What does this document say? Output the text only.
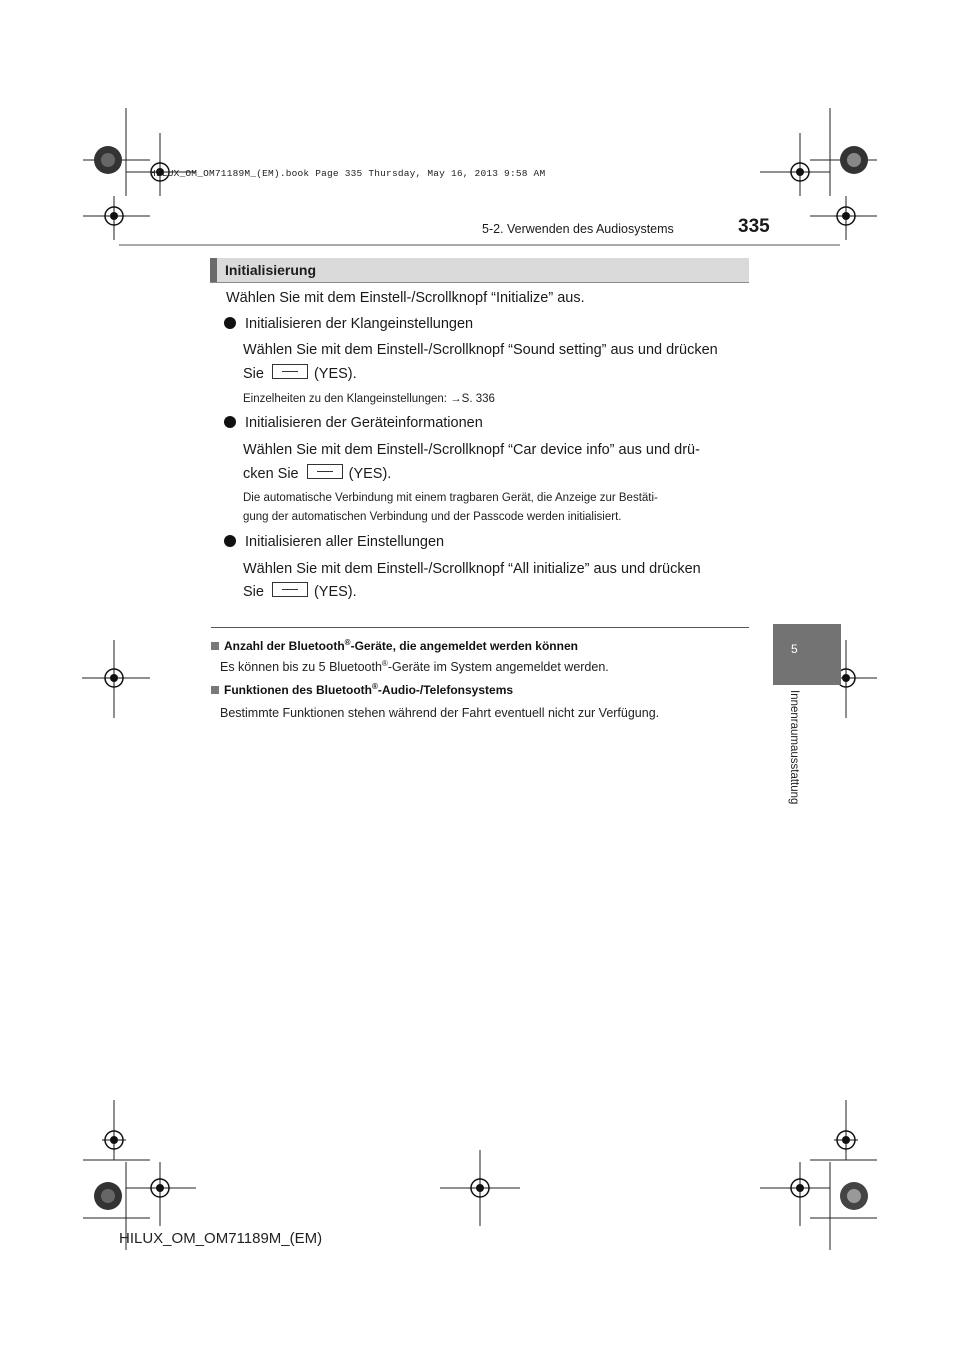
HILUX_OM_OM71189M_(EM).book Page 335 Thursday, May 16, 2013 9:58 AM
335
5-2. Verwenden des Audiosystems
Initialisierung
Wählen Sie mit dem Einstell-/Scrollknopf “Initialize” aus.
Initialisieren der Klangeinstellungen
Wählen Sie mit dem Einstell-/Scrollknopf “Sound setting” aus und drücken
Sie	(YES).
Einzelheiten zu den Klangeinstellungen: →S. 336
Initialisieren der Geräteinformationen
Wählen Sie mit dem Einstell-/Scrollknopf “Car device info” aus und drü-
cken Sie	(YES).
Die automatische Verbindung mit einem tragbaren Gerät, die Anzeige zur Bestäti-
gung der automatischen Verbindung und der Passcode werden initialisiert.
Initialisieren aller Einstellungen
Wählen Sie mit dem Einstell-/Scrollknopf “All initialize” aus und drücken
Sie	(YES).
Anzahl der Bluetooth®-Geräte, die angemeldet werden können
Es können bis zu 5 Bluetooth®-Geräte im System angemeldet werden.
Funktionen des Bluetooth®-Audio-/Telefonsystems
Bestimmte Funktionen stehen während der Fahrt eventuell nicht zur Verfügung.
5
Innenraumausstattung
HILUX_OM_OM71189M_(EM)
